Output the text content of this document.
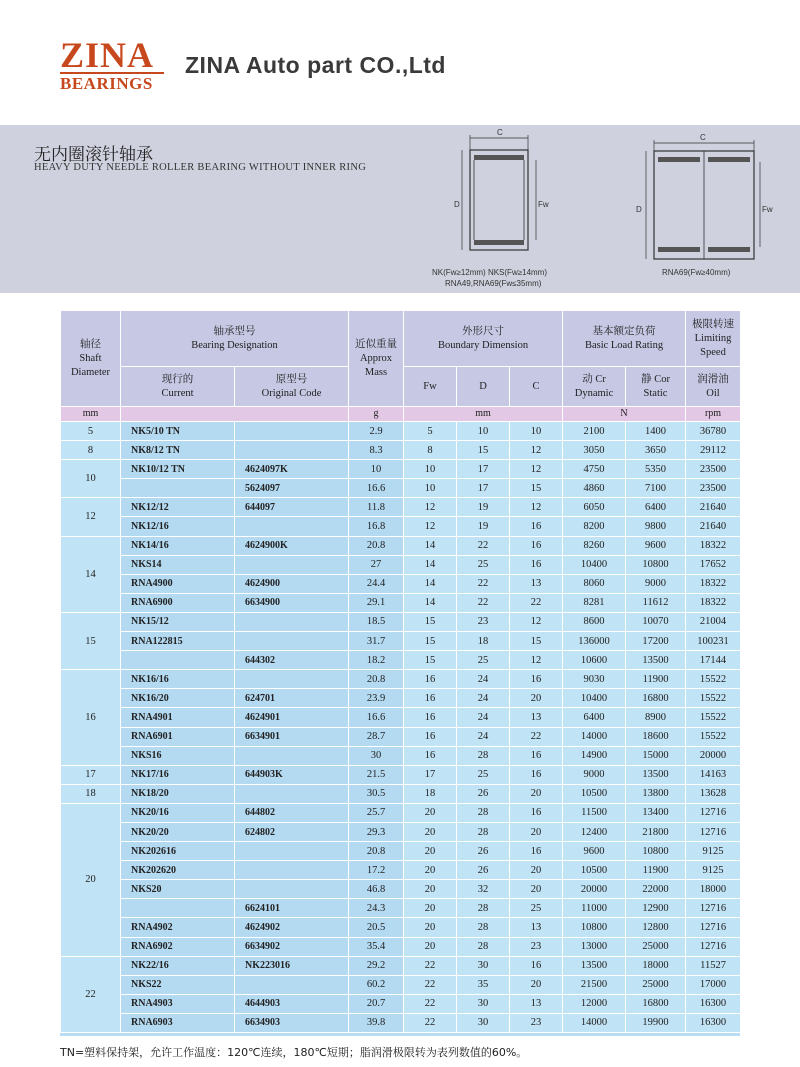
ZINA
BEARINGS
ZINA Auto part CO.,Ltd
无内圈滚针轴承
HEAVY DUTY NEEDLE ROLLER BEARING WITHOUT INNER RING
C
D	Fw
NK(Fw≥12mm) NKS(Fw≥14mm)
RNA49,RNA69(Fw≤35mm)
C
D	Fw
RNA69(Fw≥40mm)
轴径
Shaft Diameter	轴承型号
Bearing Designation		近似重量
Approx Mass	外形尺寸
Boundary Dimension			基本额定负荷
Basic Load Rating		极限转速
Limiting Speed
	现行的
Current	原型号
Original Code		Fw	D	C	动 Cr
Dynamic	静 Cor
Static	润滑油
Oil
mm			g	mm			N		rpm
5	NK5/10 TN		2.9	5	10	10	2100	1400	36780
8	NK8/12 TN		8.3	8	15	12	3050	3650	29112
10	NK10/12 TN	4624097K	10	10	17	12	4750	5350	23500
		5624097	16.6	10	17	15	4860	7100	23500
12	NK12/12	644097	11.8	12	19	12	6050	6400	21640
	NK12/16		16.8	12	19	16	8200	9800	21640
14	NK14/16	4624900K	20.8	14	22	16	8260	9600	18322
	NKS14		27	14	25	16	10400	10800	17652
	RNA4900	4624900	24.4	14	22	13	8060	9000	18322
	RNA6900	6634900	29.1	14	22	22	8281	11612	18322
15	NK15/12		18.5	15	23	12	8600	10070	21004
	RNA122815		31.7	15	18	15	136000	17200	100231
		644302	18.2	15	25	12	10600	13500	17144
16	NK16/16		20.8	16	24	16	9030	11900	15522
	NK16/20	624701	23.9	16	24	20	10400	16800	15522
	RNA4901	4624901	16.6	16	24	13	6400	8900	15522
	RNA6901	6634901	28.7	16	24	22	14000	18600	15522
	NKS16		30	16	28	16	14900	15000	20000
17	NK17/16	644903K	21.5	17	25	16	9000	13500	14163
18	NK18/20		30.5	18	26	20	10500	13800	13628
20	NK20/16	644802	25.7	20	28	16	11500	13400	12716
	NK20/20	624802	29.3	20	28	20	12400	21800	12716
	NK202616		20.8	20	26	16	9600	10800	9125
	NK202620		17.2	20	26	20	10500	11900	9125
	NKS20		46.8	20	32	20	20000	22000	18000
		6624101	24.3	20	28	25	11000	12900	12716
	RNA4902	4624902	20.5	20	28	13	10800	12800	12716
	RNA6902	6634902	35.4	20	28	23	13000	25000	12716
22	NK22/16	NK223016	29.2	22	30	16	13500	18000	11527
	NKS22		60.2	22	35	20	21500	25000	17000
	RNA4903	4644903	20.7	22	30	13	12000	16800	16300
	RNA6903	6634903	39.8	22	30	23	14000	19900	16300
TN=塑料保持架，允许工作温度：120℃连续，180℃短期；脂润滑极限转为表列数值的60%。
